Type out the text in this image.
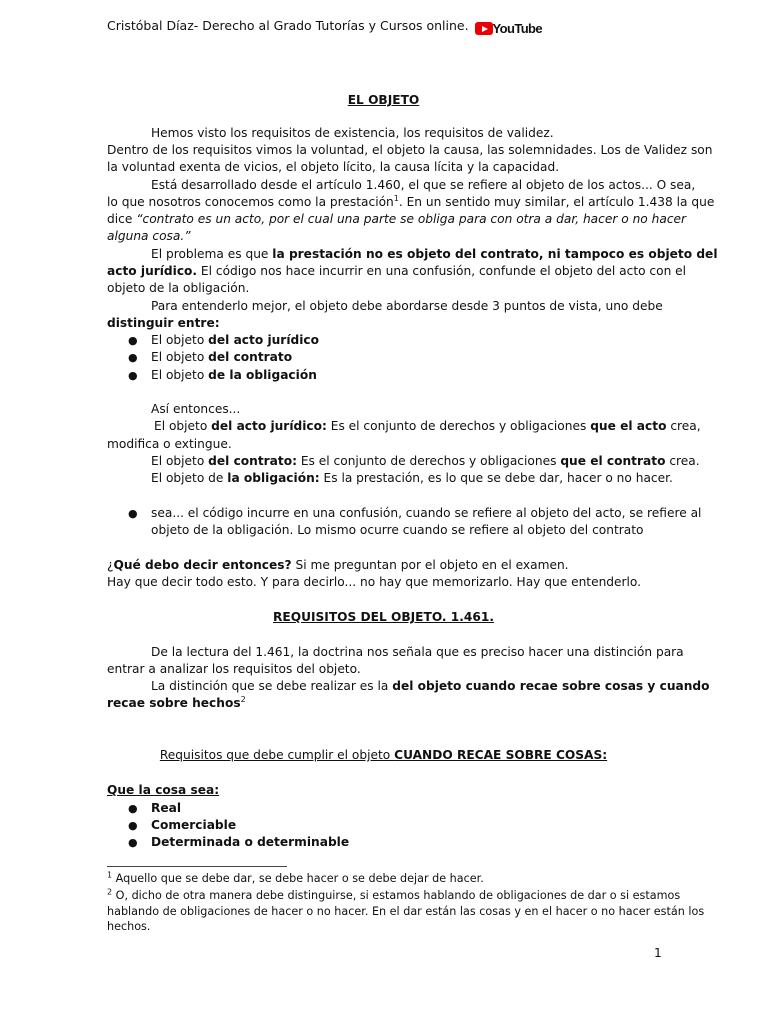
Cristóbal Díaz- Derecho al Grado Tutorías y Cursos online. YouTube
EL OBJETO
Hemos visto los requisitos de existencia, los requisitos de validez.
Dentro de los requisitos vimos la voluntad, el objeto la causa, las solemnidades. Los de Validez son
la voluntad exenta de vicios, el objeto lícito, la causa lícita y la capacidad.
Está desarrollado desde el artículo 1.460, el que se refiere al objeto de los actos... O sea,
lo que nosotros conocemos como la prestación$^1$. En un sentido muy similar, el artículo 1.438 la que
dice “contrato es un acto, por el cual una parte se obliga para con otra a dar, hacer o no hacer
alguna cosa.”
El problema es que la prestación no es objeto del contrato, ni tampoco es objeto del
acto jurídico. El código nos hace incurrir en una confusión, confunde el objeto del acto con el
objeto de la obligación.
Para entenderlo mejor, el objeto debe abordarse desde 3 puntos de vista, uno debe
distinguir entre:
● El objeto del acto jurídico
● El objeto del contrato
● El objeto de la obligación
Así entonces...
El objeto del acto jurídico: Es el conjunto de derechos y obligaciones que el acto crea,
modifica o extingue.
El objeto del contrato: Es el conjunto de derechos y obligaciones que el contrato crea.
El objeto de la obligación: Es la prestación, es lo que se debe dar, hacer o no hacer.
● sea... el código incurre en una confusión, cuando se refiere al objeto del acto, se refiere al
objeto de la obligación. Lo mismo ocurre cuando se refiere al objeto del contrato
¿Qué debo decir entonces? Si me preguntan por el objeto en el examen.
Hay que decir todo esto. Y para decirlo... no hay que memorizarlo. Hay que entenderlo.
REQUISITOS DEL OBJETO. 1.461.
De la lectura del 1.461, la doctrina nos señala que es preciso hacer una distinción para
entrar a analizar los requisitos del objeto.
La distinción que se debe realizar es la del objeto cuando recae sobre cosas y cuando
recae sobre hechos$^2$
Requisitos que debe cumplir el objeto CUANDO RECAE SOBRE COSAS:
Que la cosa sea:
● Real
● Comerciable
● Determinada o determinable
$^1$ Aquello que se debe dar, se debe hacer o se debe dejar de hacer.
$^2$ O, dicho de otra manera debe distinguirse, si estamos hablando de obligaciones de dar o si estamos
hablando de obligaciones de hacer o no hacer. En el dar están las cosas y en el hacer o no hacer están los
hechos.
1
